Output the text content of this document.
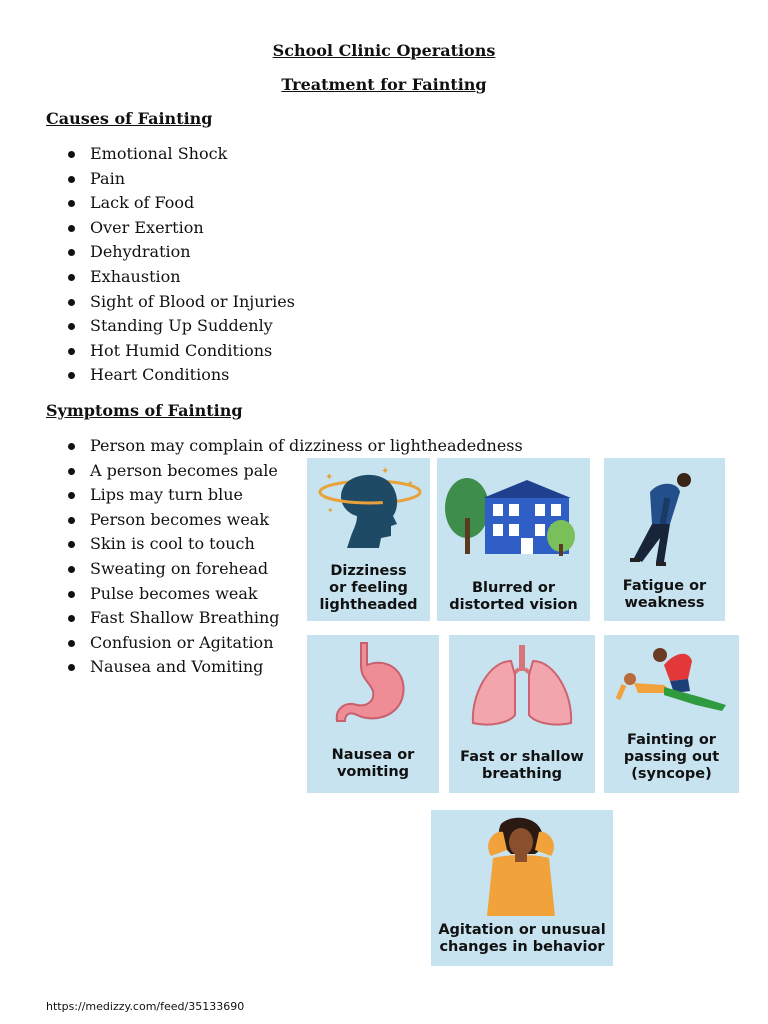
School Clinic Operations
Treatment for Fainting
Causes of Fainting
Emotional Shock
Pain
Lack of Food
Over Exertion
Dehydration
Exhaustion
Sight of Blood or Injuries
Standing Up Suddenly
Hot Humid Conditions
Heart Conditions
Symptoms of Fainting
Person may complain of dizziness or lightheadedness
A person becomes pale
Lips may turn blue
Person becomes weak
Skin is cool to touch
Sweating on forehead
Pulse becomes weak
Fast Shallow Breathing
Confusion or Agitation
Nausea and Vomiting
✦
✦
✦
✦
Dizziness
or feeling
lightheaded
Blurred or
distorted vision
Fatigue or
weakness
Nausea or
vomiting
Fast or shallow
breathing
Fainting or
passing out
(syncope)
Agitation or unusual
changes in behavior
https://medizzy.com/feed/35133690
